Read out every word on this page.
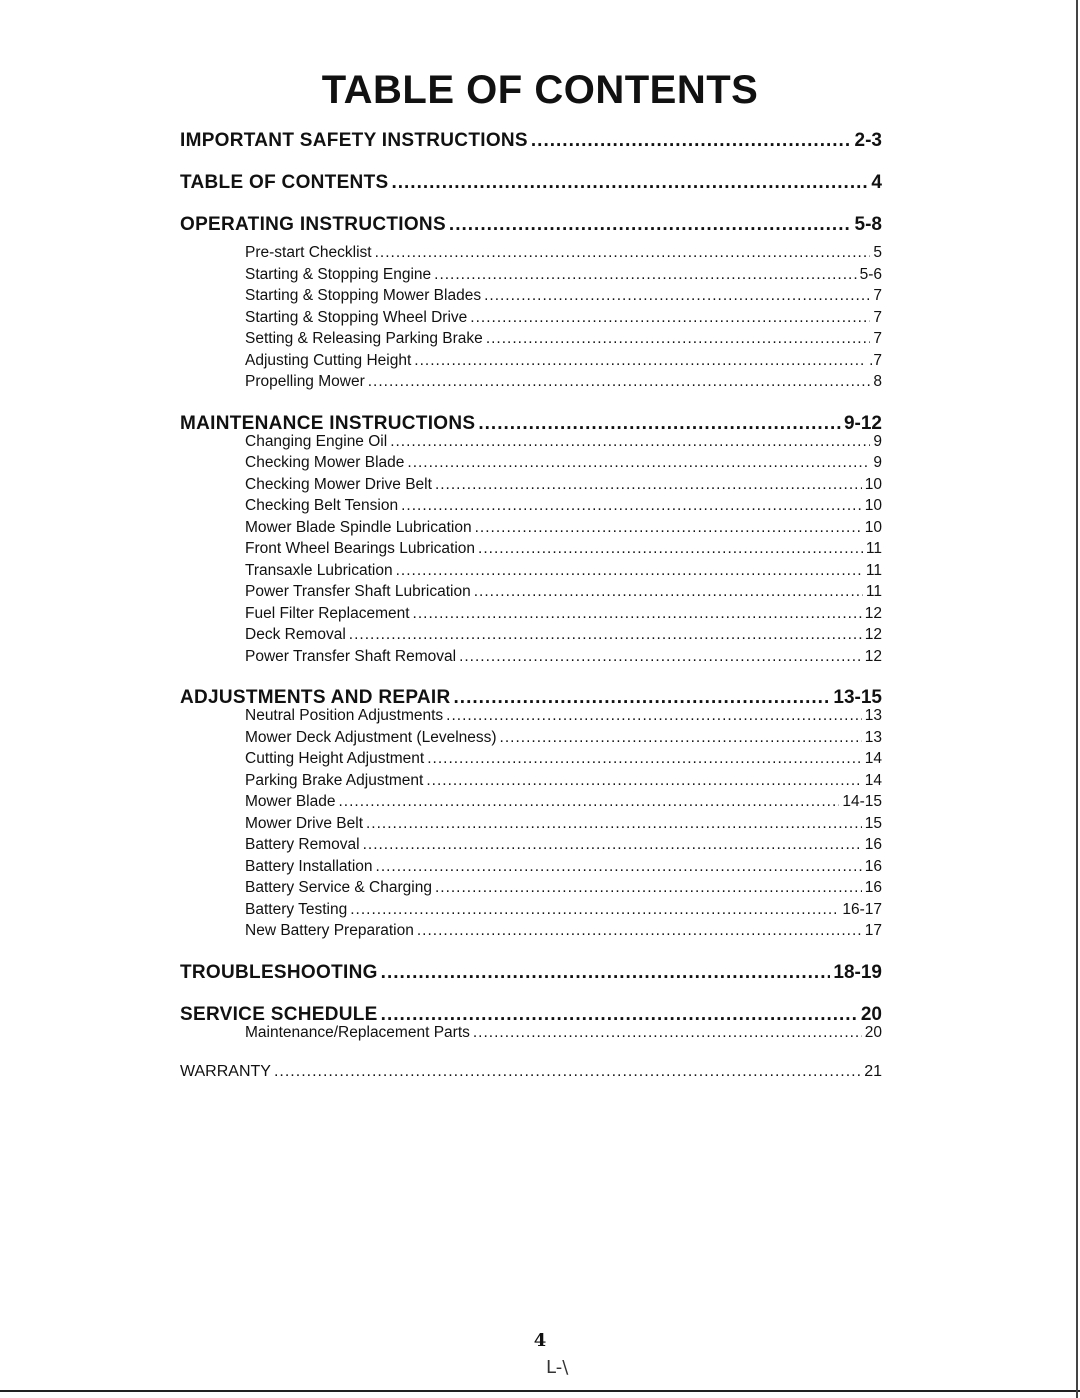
TABLE OF CONTENTS
IMPORTANT SAFETY INSTRUCTIONS .....	2-3
TABLE OF CONTENTS .....	4
OPERATING INSTRUCTIONS .....	5-8
Pre-start Checklist .....	5
Starting & Stopping Engine .....	5-6
Starting & Stopping Mower Blades .....	7
Starting & Stopping Wheel Drive .....	7
Setting & Releasing Parking Brake .....	7
Adjusting Cutting Height .....	.7
Propelling Mower .....	8
MAINTENANCE INSTRUCTIONS .....	9-12
Changing Engine Oil .....	9
Checking Mower Blade .....	9
Checking Mower Drive Belt .....	10
Checking Belt Tension .....	10
Mower Blade Spindle Lubrication .....	10
Front Wheel Bearings Lubrication .....	11
Transaxle Lubrication .....	11
Power Transfer Shaft Lubrication .....	11
Fuel Filter Replacement .....	12
Deck Removal .....	12
Power Transfer Shaft Removal .....	12
ADJUSTMENTS AND REPAIR .....	13-15
Neutral Position Adjustments .....	13
Mower Deck Adjustment (Levelness) .....	13
Cutting Height Adjustment .....	14
Parking Brake Adjustment .....	14
Mower Blade .....	14-15
Mower Drive Belt .....	15
Battery Removal .....	16
Battery Installation .....	16
Battery Service & Charging .....	16
Battery Testing .....	16-17
New Battery Preparation .....	17
TROUBLESHOOTING .....	18-19
SERVICE SCHEDULE .....	20
Maintenance/Replacement Parts .....	20
WARRANTY .....	21
4
L-\
